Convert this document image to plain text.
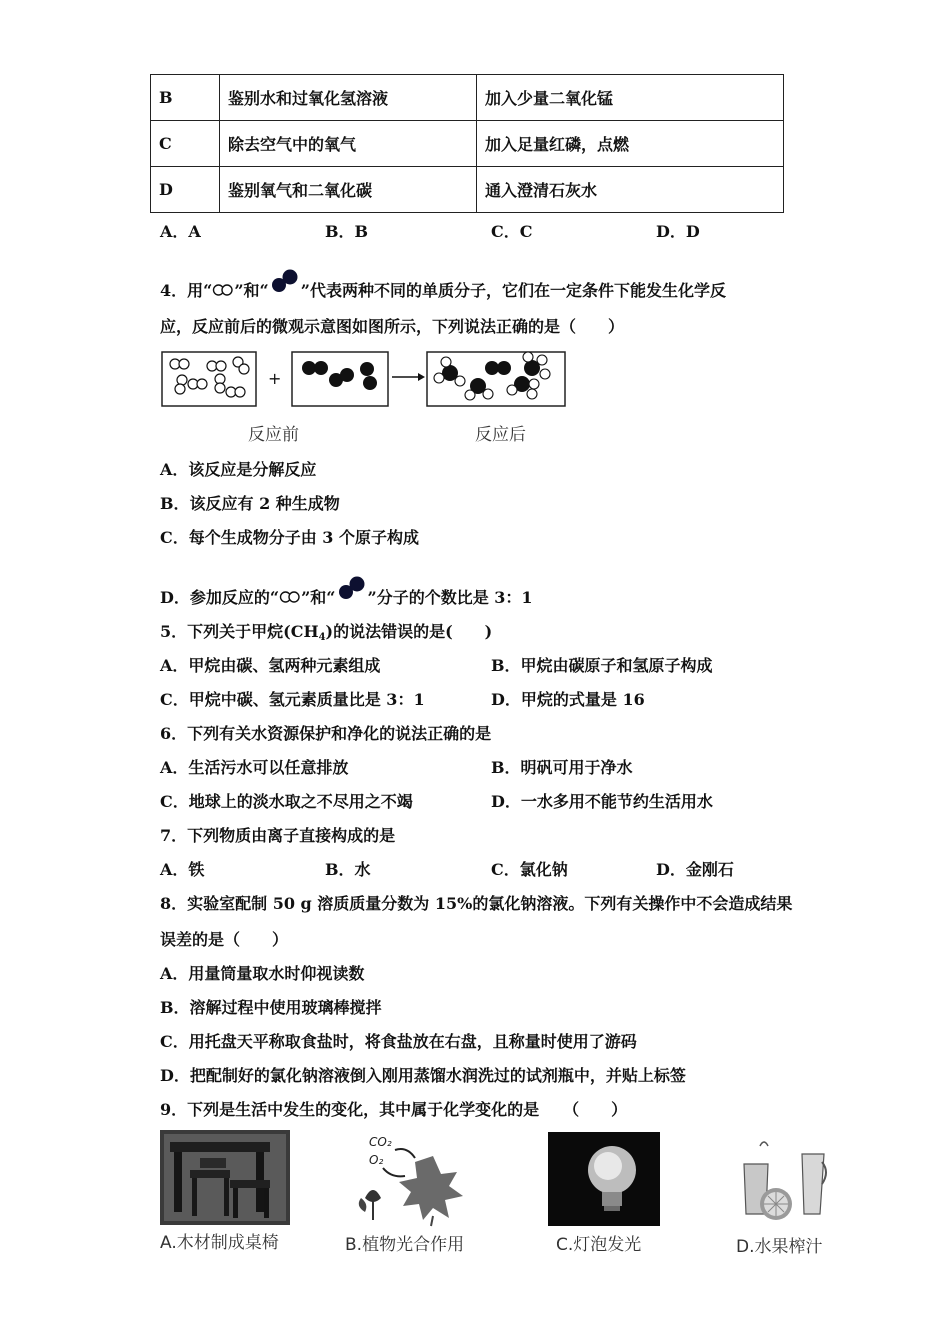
B	鉴别水和过氧化氢溶液	加入少量二氧化锰
C	除去空气中的氧气	加入足量红磷，点燃
D	鉴别氧气和二氧化碳	通入澄清石灰水
A．A	B．B	C．C	D．D
4．用“ ”和“ ”代表两种不同的单质分子，它们在一定条件下能发生化学反
应，反应前后的微观示意图如图所示，下列说法正确的是（　　）
+
反应前	反应后
A．该反应是分解反应
B．该反应有 2 种生成物
C．每个生成物分子由 3 个原子构成
D．参加反应的“ ”和“ ”分子的个数比是 3：1
5．下列关于甲烷$(CH_4)$的说法错误的是(　　)
A．甲烷由碳、氢两种元素组成	B．甲烷由碳原子和氢原子构成
C．甲烷中碳、氢元素质量比是 3：1	D．甲烷的式量是 16
6．下列有关水资源保护和净化的说法正确的是
A．生活污水可以任意排放	B．明矾可用于净水
C．地球上的淡水取之不尽用之不竭	D．一水多用不能节约生活用水
7．下列物质由离子直接构成的是
A．铁	B．水	C．氯化钠	D．金刚石
8．实验室配制 50 g 溶质质量分数为 15%的氯化钠溶液。下列有关操作中不会造成结果
误差的是（　　）
A．用量筒量取水时仰视读数
B．溶解过程中使用玻璃棒搅拌
C．用托盘天平称取食盐时，将食盐放在右盘，且称量时使用了游码
D．把配制好的氯化钠溶液倒入刚用蒸馏水润洗过的试剂瓶中，并贴上标签
9．下列是生活中发生的变化，其中属于化学变化的是　　（　　）
CO₂
O₂
A.木材制成桌椅	B.植物光合作用	C.灯泡发光	D.水果榨汁
